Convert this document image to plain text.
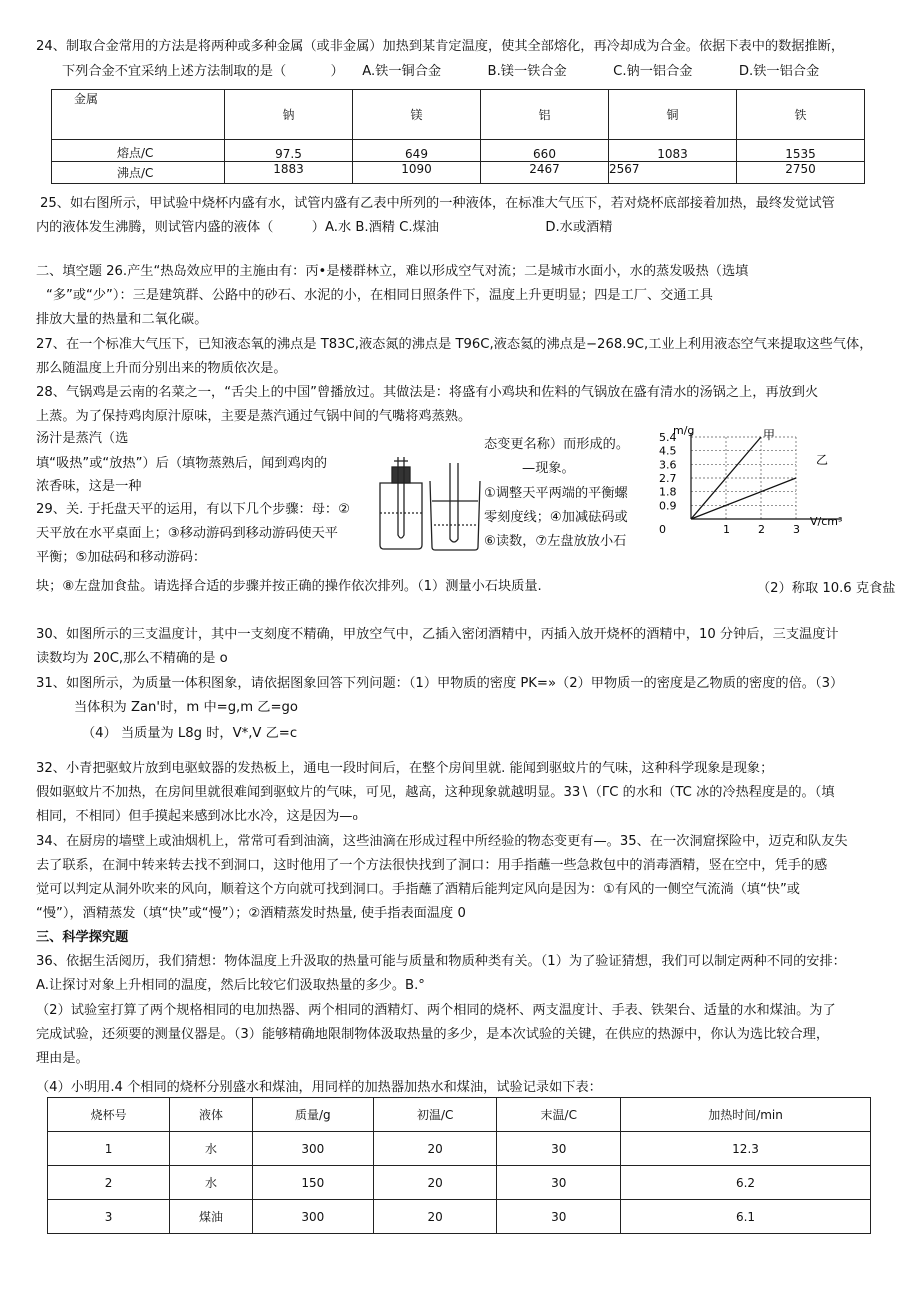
24、制取合金常用的方法是将两种或多种金属（或非金属）加热到某肯定温度，使其全部熔化，再冷却成为合金。依据下表中的数据推断，
下列合金不宜采纳上述方法制取的是（	） A.铁一铜合金	B.镁一铁合金	C.钠一铝合金	D.铁一铝合金
金属	钠	镁	铝	铜	铁
熔点/C	97.5	649	660	1083	1535
沸点/C	1883	1090	2467	2567	2750
25、如右图所示，甲试验中烧杯内盛有水，试管内盛有乙表中所列的一种液体，在标准大气压下，若对烧杯底部接着加热，最终发觉试管
内的液体发生沸腾，则试管内盛的液体（	）A.水 B.酒精 C.煤油	D.水或酒精
二、填空题 26.产生“热岛效应甲的主施由有：丙•是楼群林立，难以形成空气对流；二是城市水面小，水的蒸发吸热（选填
“多”或“少”）：三是建筑群、公路中的砂石、水泥的小，在相同日照条件下，温度上升更明显；四是工厂、交通工具
排放大量的热量和二氧化碳。
27、在一个标准大气压下，已知液态氧的沸点是 T83C,液态氮的沸点是 T96C,液态氦的沸点是−268.9C,工业上利用液态空气来提取这些气体，
那么随温度上升而分别出来的物质依次是。
28、气锅鸡是云南的名菜之一，“舌尖上的中国”曾播放过。其做法是：将盛有小鸡块和佐料的气锅放在盛有清水的汤锅之上，再放到火
上蒸。为了保持鸡肉原汁原味，主要是蒸汽通过气锅中间的气嘴将鸡蒸熟。
汤汁是蒸汽（选
填“吸热”或“放热”）后（填物蒸熟后，闻到鸡肉的
浓香味，这是一种
态变更名称）而形成的。
—现象。
29、关. 于托盘天平的运用，有以下几个步骤：母：②
天平放在水平桌面上；③移动游码到移动游码使天平
平衡；⑤加砝码和移动游码：
①调整天平两端的平衡螺
零刻度线；④加减砝码或
⑥读数，⑦左盘放放小石
块；⑧左盘加食盐。请选择合适的步骤并按正确的操作依次排列。（1）测量小石块质量.	（2）称取 10.6 克食盐
m/g	甲
乙
V/cm³
5.4
4.5
3.6
2.7
1.8
0.9
0	1	2	3
30、如图所示的三支温度计，其中一支刻度不精确，甲放空气中，乙插入密闭酒精中，丙插入放开烧杯的酒精中，10 分钟后，三支温度计
读数均为 20C,那么不精确的是 o
31、如图所示，为质量一体积图象，请依据图象回答下列问题：（1）甲物质的密度 PK=»（2）甲物质一的密度是乙物质的密度的倍。（3）
当体积为 Zan'时，m 中=g,m 乙=go
（4） 当质量为 L8g 时，V*,V 乙=c
32、小青把驱蚊片放到电驱蚊器的发热板上，通电一段时间后，在整个房间里就. 能闻到驱蚊片的气味，这种科学现象是现象；
假如驱蚊片不加热，在房间里就很难闻到驱蚊片的气味，可见，越高，这种现象就越明显。33∖（ΓC 的水和（TC 冰的冷热程度是的。（填
相同，不相同）但手摸起来感到冰比水冷，这是因为—₀
34、在厨房的墙壁上或油烟机上，常常可看到油滴，这些油滴在形成过程中所经验的物态变更有—。35、在一次洞窟探险中，迈克和队友失
去了联系，在洞中转来转去找不到洞口，这时他用了一个方法很快找到了洞口：用手指蘸一些急救包中的消毒酒精，竖在空中，凭手的感
觉可以判定从洞外吹来的风向，顺着这个方向就可找到洞口。手指蘸了酒精后能判定风向是因为：①有风的一侧空气流淌（填“快”或
“慢”），酒精蒸发（填“快”或“慢”）；②酒精蒸发时热量, 使手指表面温度 0
三、科学探究题
36、依据生活阅历，我们猜想：物体温度上升汲取的热量可能与质量和物质种类有关。（1）为了验证猜想，我们可以制定两种不同的安排：
A.让探讨对象上升相同的温度，然后比较它们汲取热量的多少。B.°
（2）试验室打算了两个规格相同的电加热器、两个相同的酒精灯、两个相同的烧杯、两支温度计、手表、铁架台、适量的水和煤油。为了
完成试验，还须要的测量仪器是。（3）能够精确地限制物体汲取热量的多少，是本次试验的关键，在供应的热源中，你认为选比较合理，
理由是。
（4）小明用.4 个相同的烧杯分别盛水和煤油，用同样的加热器加热水和煤油，试验记录如下表：
烧杯号	液体	质量/g	初温/C	末温/C	加热时间/min
1	水	300	20	30	12.3
2	水	150	20	30	6.2
3	煤油	300	20	30	6.1
